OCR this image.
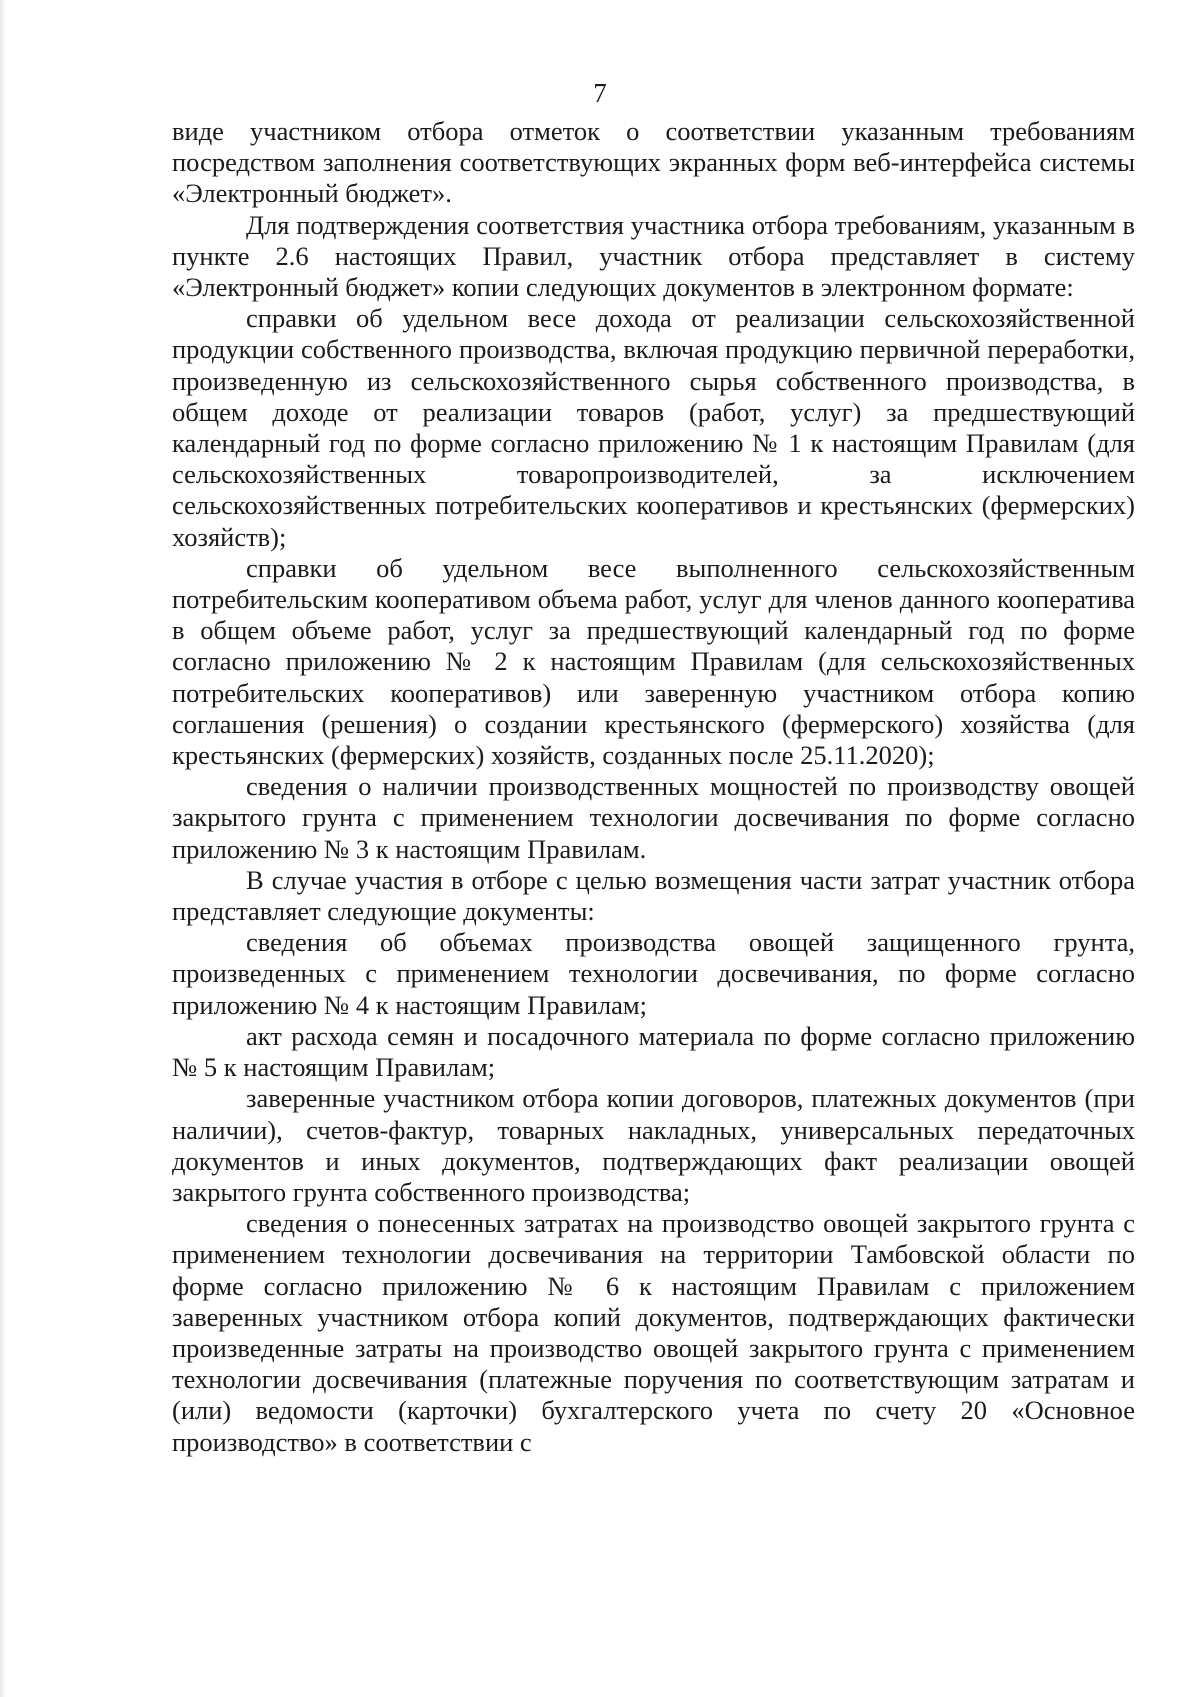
7

виде участником отбора отметок о соответствии указанным требованиям посредством заполнения соответствующих экранных форм веб-интерфейса системы «Электронный бюджет».

Для подтверждения соответствия участника отбора требованиям, указанным в пункте 2.6 настоящих Правил, участник отбора представляет в систему «Электронный бюджет» копии следующих документов в электронном формате:

справки об удельном весе дохода от реализации сельскохозяйственной продукции собственного производства, включая продукцию первичной переработки, произведенную из сельскохозяйственного сырья собственного производства, в общем доходе от реализации товаров (работ, услуг) за предшествующий календарный год по форме согласно приложению № 1 к настоящим Правилам (для сельскохозяйственных товаропроизводителей, за исключением сельскохозяйственных потребительских кооперативов и крестьянских (фермерских) хозяйств);

справки об удельном весе выполненного сельскохозяйственным потребительским кооперативом объема работ, услуг для членов данного кооператива в общем объеме работ, услуг за предшествующий календарный год по форме согласно приложению № 2 к настоящим Правилам (для сельскохозяйственных потребительских кооперативов) или заверенную участником отбора копию соглашения (решения) о создании крестьянского (фермерского) хозяйства (для крестьянских (фермерских) хозяйств, созданных после 25.11.2020);

сведения о наличии производственных мощностей по производству овощей закрытого грунта с применением технологии досвечивания по форме согласно приложению № 3 к настоящим Правилам.

В случае участия в отборе с целью возмещения части затрат участник отбора представляет следующие документы:

сведения об объемах производства овощей защищенного грунта, произведенных с применением технологии досвечивания, по форме согласно приложению № 4 к настоящим Правилам;

акт расхода семян и посадочного материала по форме согласно приложению № 5 к настоящим Правилам;

заверенные участником отбора копии договоров, платежных документов (при наличии), счетов-фактур, товарных накладных, универсальных передаточных документов и иных документов, подтверждающих факт реализации овощей закрытого грунта собственного производства;

сведения о понесенных затратах на производство овощей закрытого грунта с применением технологии досвечивания на территории Тамбовской области по форме согласно приложению № 6 к настоящим Правилам с приложением заверенных участником отбора копий документов, подтверждающих фактически произведенные затраты на производство овощей закрытого грунта с применением технологии досвечивания (платежные поручения по соответствующим затратам и (или) ведомости (карточки) бухгалтерского учета по счету 20 «Основное производство» в соответствии с
